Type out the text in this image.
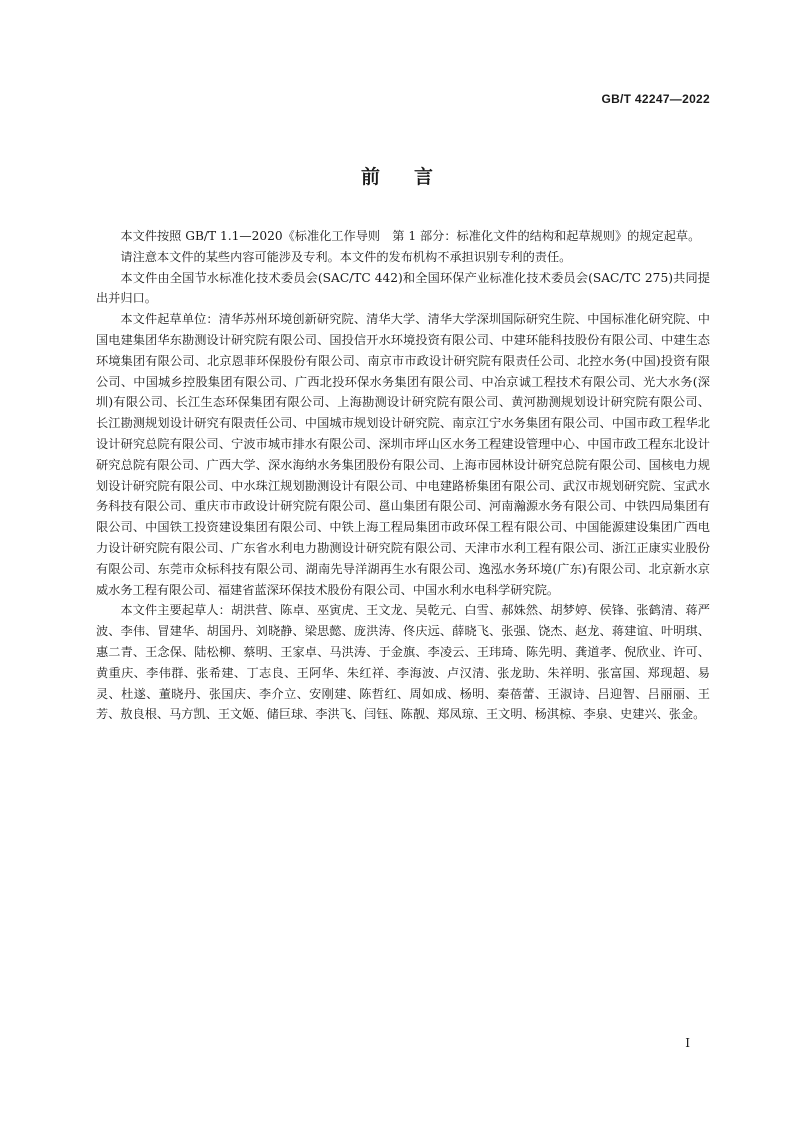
GB/T 42247—2022
前言

本文件按照 GB/T 1.1—2020《标准化工作导则　第 1 部分：标准化文件的结构和起草规则》的规定起草。

请注意本文件的某些内容可能涉及专利。本文件的发布机构不承担识别专利的责任。

本文件由全国节水标准化技术委员会(SAC/TC 442)和全国环保产业标准化技术委员会(SAC/TC 275)共同提出并归口。

本文件起草单位：清华苏州环境创新研究院、清华大学、清华大学深圳国际研究生院、中国标准化研究院、中国电建集团华东勘测设计研究院有限公司、国投信开水环境投资有限公司、中建环能科技股份有限公司、中建生态环境集团有限公司、北京恩菲环保股份有限公司、南京市市政设计研究院有限责任公司、北控水务(中国)投资有限公司、中国城乡控股集团有限公司、广西北投环保水务集团有限公司、中冶京诚工程技术有限公司、光大水务(深圳)有限公司、长江生态环保集团有限公司、上海勘测设计研究院有限公司、黄河勘测规划设计研究院有限公司、长江勘测规划设计研究有限责任公司、中国城市规划设计研究院、南京江宁水务集团有限公司、中国市政工程华北设计研究总院有限公司、宁波市城市排水有限公司、深圳市坪山区水务工程建设管理中心、中国市政工程东北设计研究总院有限公司、广西大学、深水海纳水务集团股份有限公司、上海市园林设计研究总院有限公司、国核电力规划设计研究院有限公司、中水珠江规划勘测设计有限公司、中电建路桥集团有限公司、武汉市规划研究院、宝武水务科技有限公司、重庆市市政设计研究院有限公司、邕山集团有限公司、河南瀚源水务有限公司、中铁四局集团有限公司、中国铁工投资建设集团有限公司、中铁上海工程局集团市政环保工程有限公司、中国能源建设集团广西电力设计研究院有限公司、广东省水利电力勘测设计研究院有限公司、天津市水利工程有限公司、浙江正康实业股份有限公司、东莞市众标科技有限公司、湖南先导洋湖再生水有限公司、逸泓水务环境(广东)有限公司、北京新水京威水务工程有限公司、福建省蓝深环保技术股份有限公司、中国水利水电科学研究院。

本文件主要起草人：胡洪营、陈卓、巫寅虎、王文龙、吴乾元、白雪、郝姝然、胡梦婷、侯锋、张鹤清、蒋严波、李伟、冒建华、胡国丹、刘晓静、梁思懿、庞洪涛、佟庆远、薛晓飞、张强、饶杰、赵龙、蒋建谊、叶明琪、惠二青、王念保、陆松柳、蔡明、王家卓、马洪涛、于金旗、李凌云、王玮琦、陈先明、龚道孝、倪欣业、许可、黄重庆、李伟群、张希建、丁志良、王阿华、朱红祥、李海波、卢汉清、张龙助、朱祥明、张富国、郑现超、易灵、杜遂、董晓丹、张国庆、李介立、安刚建、陈哲红、周如成、杨明、秦蓓蕾、王淑诗、吕迎智、吕丽丽、王芳、敖良根、马方凯、王文姬、储巨球、李洪飞、闫钰、陈靓、郑凤琼、王文明、杨淇椋、李泉、史建兴、张金。

I
